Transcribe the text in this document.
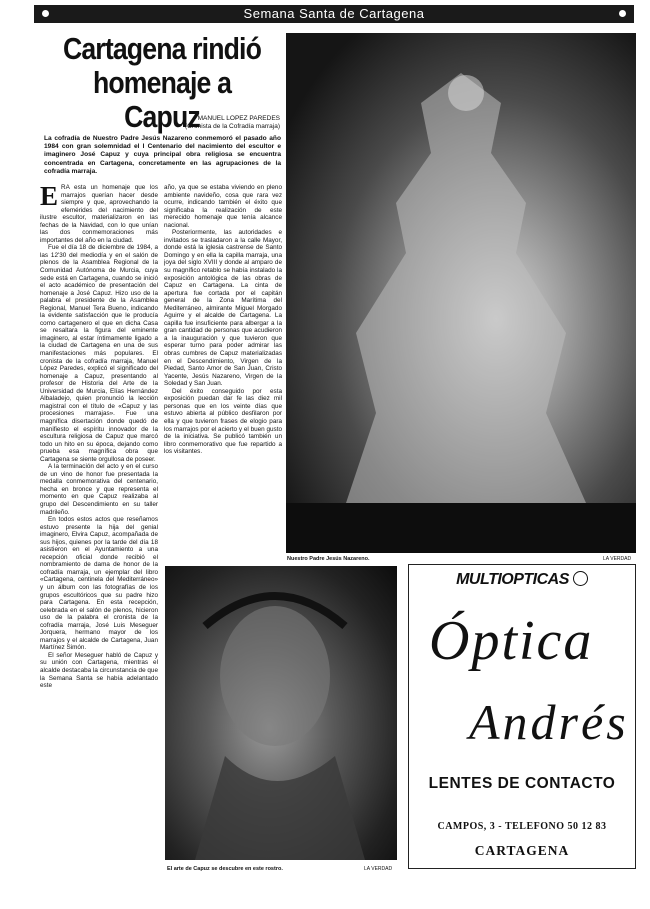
Semana Santa de Cartagena
Cartagena rindió homenaje a Capuz
MANUEL LOPEZ PAREDES
(Cronista de la Cofradía marraja)
La cofradía de Nuestro Padre Jesús Nazareno conmemoró el pasado año 1984 con gran solemnidad el I Centenario del nacimiento del escultor e imaginero José Capuz y cuya principal obra religiosa se encuentra concentrada en Cartagena, concretamente en las agrupaciones de la cofradía marraja.
E RA esta un homenaje que los marrajos querían hacer desde siempre y que, aprovechando la efemérides del nacimiento del ilustre escultor, materializaron en las fechas de la Navidad, con lo que unían las dos conmemoraciones más importantes del año en la ciudad.

Fue el día 18 de diciembre de 1984, a las 12'30 del mediodía y en el salón de plenos de la Asamblea Regional de la Comunidad Autónoma de Murcia, cuya sede está en Cartagena, cuando se inició el acto académico de presentación del homenaje a José Capuz. Hizo uso de la palabra el presidente de la Asamblea Regional, Manuel Tera Bueno, indicando la evidente satisfacción que le producía como cartagenero el que en dicha Casa se resaltara la figura del eminente imaginero, al estar íntimamente ligado a la ciudad de Cartagena en una de sus manifestaciones más populares. El cronista de la cofradía marraja, Manuel López Paredes, explicó el significado del homenaje a Capuz, presentando al profesor de Historia del Arte de la Universidad de Murcia, Elías Hernández Albaladejo, quien pronunció la lección magistral con el título de «Capuz y las procesiones marrajas». Fue una magnífica disertación donde quedó de manifiesto el espíritu innovador de la escultura religiosa de Capuz que marcó todo un hito en su época, dejando como prueba esa magnífica obra que Cartagena se siente orgullosa de poseer.

A la terminación del acto y en el curso de un vino de honor fue presentada la medalla conmemorativa del centenario, hecha en bronce y que representa el momento en que Capuz realizaba al grupo del Descendimiento en su taller madrileño.

En todos estos actos que reseñamos estuvo presente la hija del genial imaginero, Elvira Capuz, acompañada de sus hijos, quienes por la tarde del día 18 asistieron en el Ayuntamiento a una recepción oficial donde recibió el nombramiento de dama de honor de la cofradía marraja, un ejemplar del libro «Cartagena, centinela del Mediterráneo» y un álbum con las fotografías de los grupos escultóricos que su padre hizo para Cartagena. En esta recepción, celebrada en el salón de plenos, hicieron uso de la palabra el cronista de la cofradía marraja, José Luis Meseguer Jorquera, hermano mayor de los marrajos y el alcalde de Cartagena, Juan Martínez Simón.

El señor Meseguer habló de Capuz y su unión con Cartagena, mientras el alcalde destacaba la circunstancia de que la Semana Santa se había adelantado este

año, ya que se estaba viviendo en pleno ambiente navideño, cosa que rara vez ocurre, indicando también el éxito que significaba la realización de este merecido homenaje que tenía alcance nacional.

Posteriormente, las autoridades e invitados se trasladaron a la calle Mayor, donde está la iglesia castrense de Santo Domingo y en ella la capilla marraja, una joya del siglo XVIII y donde al amparo de su magnífico retablo se había instalado la exposición antológica de las obras de Capuz en Cartagena. La cinta de apertura fue cortada por el capitán general de la Zona Marítima del Mediterráneo, almirante Miguel Morgado Aguirre y el alcalde de Cartagena. La capilla fue insuficiente para albergar a la gran cantidad de personas que acudieron a la inauguración y que tuvieron que esperar turno para poder admirar las obras cumbres de Capuz materializadas en el Descendimiento, Virgen de la Piedad, Santo Amor de San Juan, Cristo Yacente, Jesús Nazareno, Virgen de la Soledad y San Juan.

Del éxito conseguido por esta exposición puedan dar fe las diez mil personas que en los veinte días que estuvo abierta al público desfilaron por ella y que tuvieron frases de elogio para los marrajos por el acierto y el buen gusto de la iniciativa. Se publicó también un libro conmemorativo que fue repartido a los visitantes.

Nuestro Padre Jesús Nazareno.	LA VERDAD
El arte de Capuz se descubre en este rostro.	LA VERDAD
MULTIOPTICAS
Óptica
Andrés
LENTES DE CONTACTO
CAMPOS, 3 - TELEFONO 50 12 83
CARTAGENA
